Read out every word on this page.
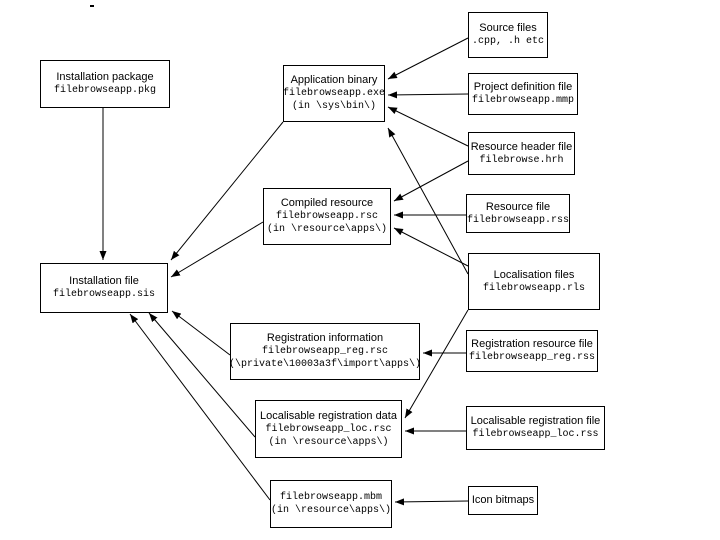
Installation package
filebrowseapp.pkg
Source files
.cpp, .h etc
Application binary
filebrowseapp.exe
(in \sys\bin\)
Project definition file
filebrowseapp.mmp
Resource header file
filebrowse.hrh
Compiled resource
filebrowseapp.rsc
(in \resource\apps\)
Resource file
filebrowseapp.rss
Localisation files
filebrowseapp.rls
Installation file
filebrowseapp.sis
Registration information
filebrowseapp_reg.rsc
(\private\10003a3f\import\apps\)
Registration resource file
filebrowseapp_reg.rss
Localisable registration data
filebrowseapp_loc.rsc
(in \resource\apps\)
Localisable registration file
filebrowseapp_loc.rss
filebrowseapp.mbm
(in \resource\apps\)
Icon bitmaps
